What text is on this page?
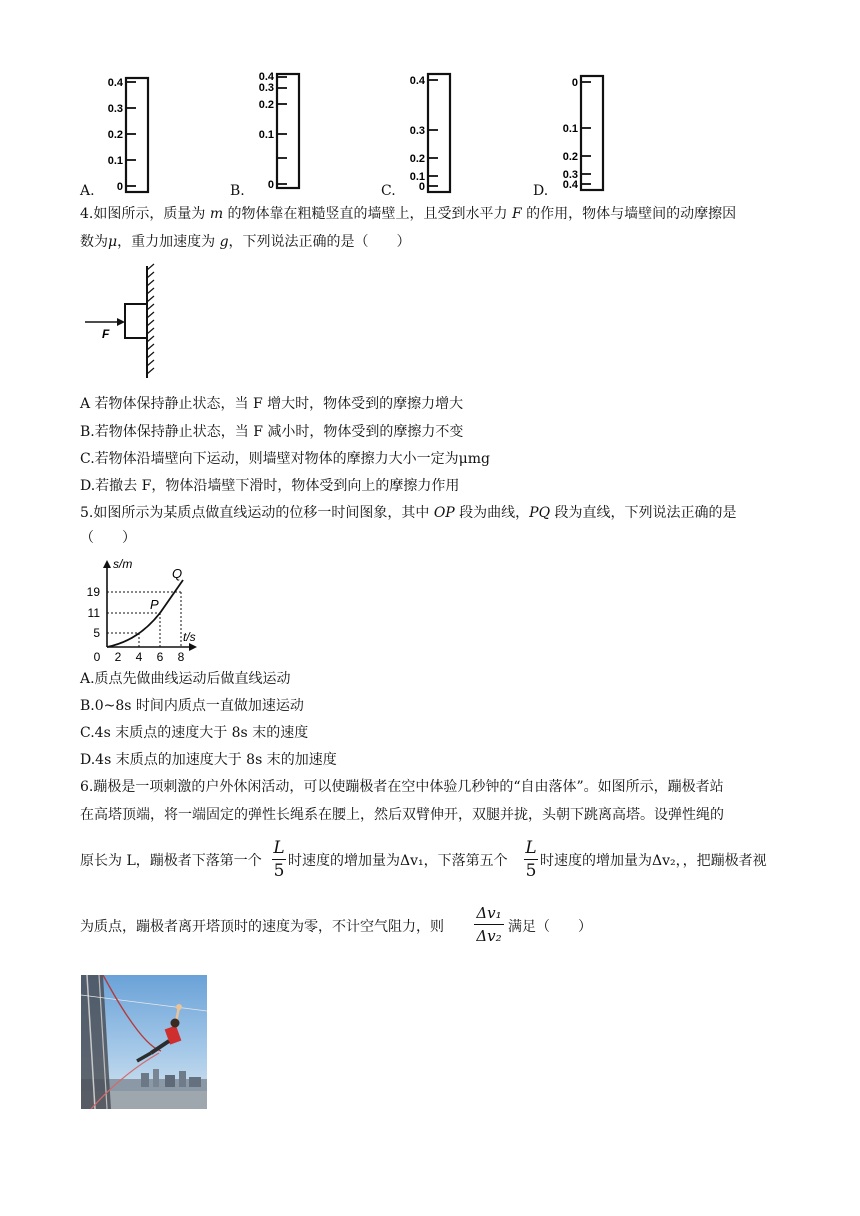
0.4
0.3
0.2
0.1
0
0.4
0.3
0.2
0.1
0
0.4
0.3
0.2
0.1
0
0
0.1
0.2
0.3
0.4
A.	B.	C.	D.
4.如图所示，质量为 m 的物体靠在粗糙竖直的墙壁上，且受到水平力 F 的作用，物体与墙壁间的动摩擦因
数为μ，重力加速度为 g，下列说法正确的是（　　）
F
A 若物体保持静止状态，当 F 增大时，物体受到的摩擦力增大
B.若物体保持静止状态，当 F 减小时，物体受到的摩擦力不变
C.若物体沿墙壁向下运动，则墙壁对物体的摩擦力大小一定为μmg
D.若撤去 F，物体沿墙壁下滑时，物体受到向上的摩擦力作用
5.如图所示为某质点做直线运动的位移一时间图象，其中 OP 段为曲线，PQ 段为直线，下列说法正确的是
（　　）
s/m
t/s
19
11
5
0 2 4 6 8
P
Q
A.质点先做曲线运动后做直线运动
B.0~8s 时间内质点一直做加速运动
C.4s 末质点的速度大于 8s 末的速度
D.4s 末质点的加速度大于 8s 末的加速度
6.蹦极是一项刺激的户外休闲活动，可以使蹦极者在空中体验几秒钟的“自由落体”。如图所示，蹦极者站
在高塔顶端，将一端固定的弹性长绳系在腰上，然后双臂伸开，双腿并拢，头朝下跳离高塔。设弹性绳的
原长为 L，蹦极者下落第一个
L
5 时速度的增加量为Δv₁，下落第五个
L
5 时速度的增加量为Δv₂，，把蹦极者视
为质点，蹦极者离开塔顶时的速度为零，不计空气阻力，则
Δv₁
Δv₂ 满足（　　）
